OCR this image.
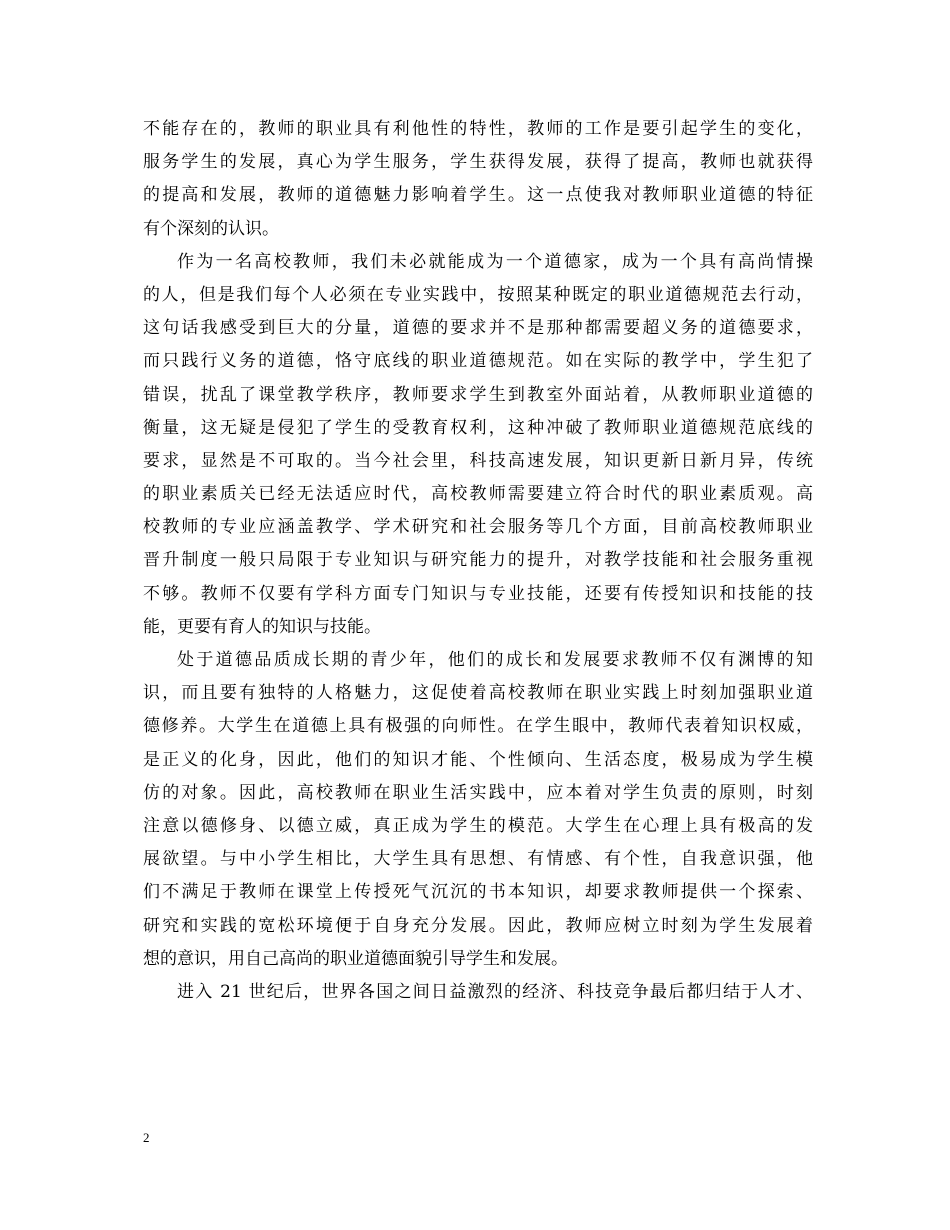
不能存在的，教师的职业具有利他性的特性，教师的工作是要引起学生的变化，
服务学生的发展，真心为学生服务，学生获得发展，获得了提高，教师也就获得
的提高和发展，教师的道德魅力影响着学生。这一点使我对教师职业道德的特征
有个深刻的认识。
作为一名高校教师，我们未必就能成为一个道德家，成为一个具有高尚情操
的人，但是我们每个人必须在专业实践中，按照某种既定的职业道德规范去行动，
这句话我感受到巨大的分量，道德的要求并不是那种都需要超义务的道德要求，
而只践行义务的道德，恪守底线的职业道德规范。如在实际的教学中，学生犯了
错误，扰乱了课堂教学秩序，教师要求学生到教室外面站着，从教师职业道德的
衡量，这无疑是侵犯了学生的受教育权利，这种冲破了教师职业道德规范底线的
要求，显然是不可取的。当今社会里，科技高速发展，知识更新日新月异，传统
的职业素质关已经无法适应时代，高校教师需要建立符合时代的职业素质观。高
校教师的专业应涵盖教学、学术研究和社会服务等几个方面，目前高校教师职业
晋升制度一般只局限于专业知识与研究能力的提升，对教学技能和社会服务重视
不够。教师不仅要有学科方面专门知识与专业技能，还要有传授知识和技能的技
能，更要有育人的知识与技能。
处于道德品质成长期的青少年，他们的成长和发展要求教师不仅有渊博的知
识，而且要有独特的人格魅力，这促使着高校教师在职业实践上时刻加强职业道
德修养。大学生在道德上具有极强的向师性。在学生眼中，教师代表着知识权威，
是正义的化身，因此，他们的知识才能、个性倾向、生活态度，极易成为学生模
仿的对象。因此，高校教师在职业生活实践中，应本着对学生负责的原则，时刻
注意以德修身、以德立威，真正成为学生的模范。大学生在心理上具有极高的发
展欲望。与中小学生相比，大学生具有思想、有情感、有个性，自我意识强，他
们不满足于教师在课堂上传授死气沉沉的书本知识，却要求教师提供一个探索、
研究和实践的宽松环境便于自身充分发展。因此，教师应树立时刻为学生发展着
想的意识，用自己高尚的职业道德面貌引导学生和发展。
进入 21 世纪后，世界各国之间日益激烈的经济、科技竞争最后都归结于人才、
2
